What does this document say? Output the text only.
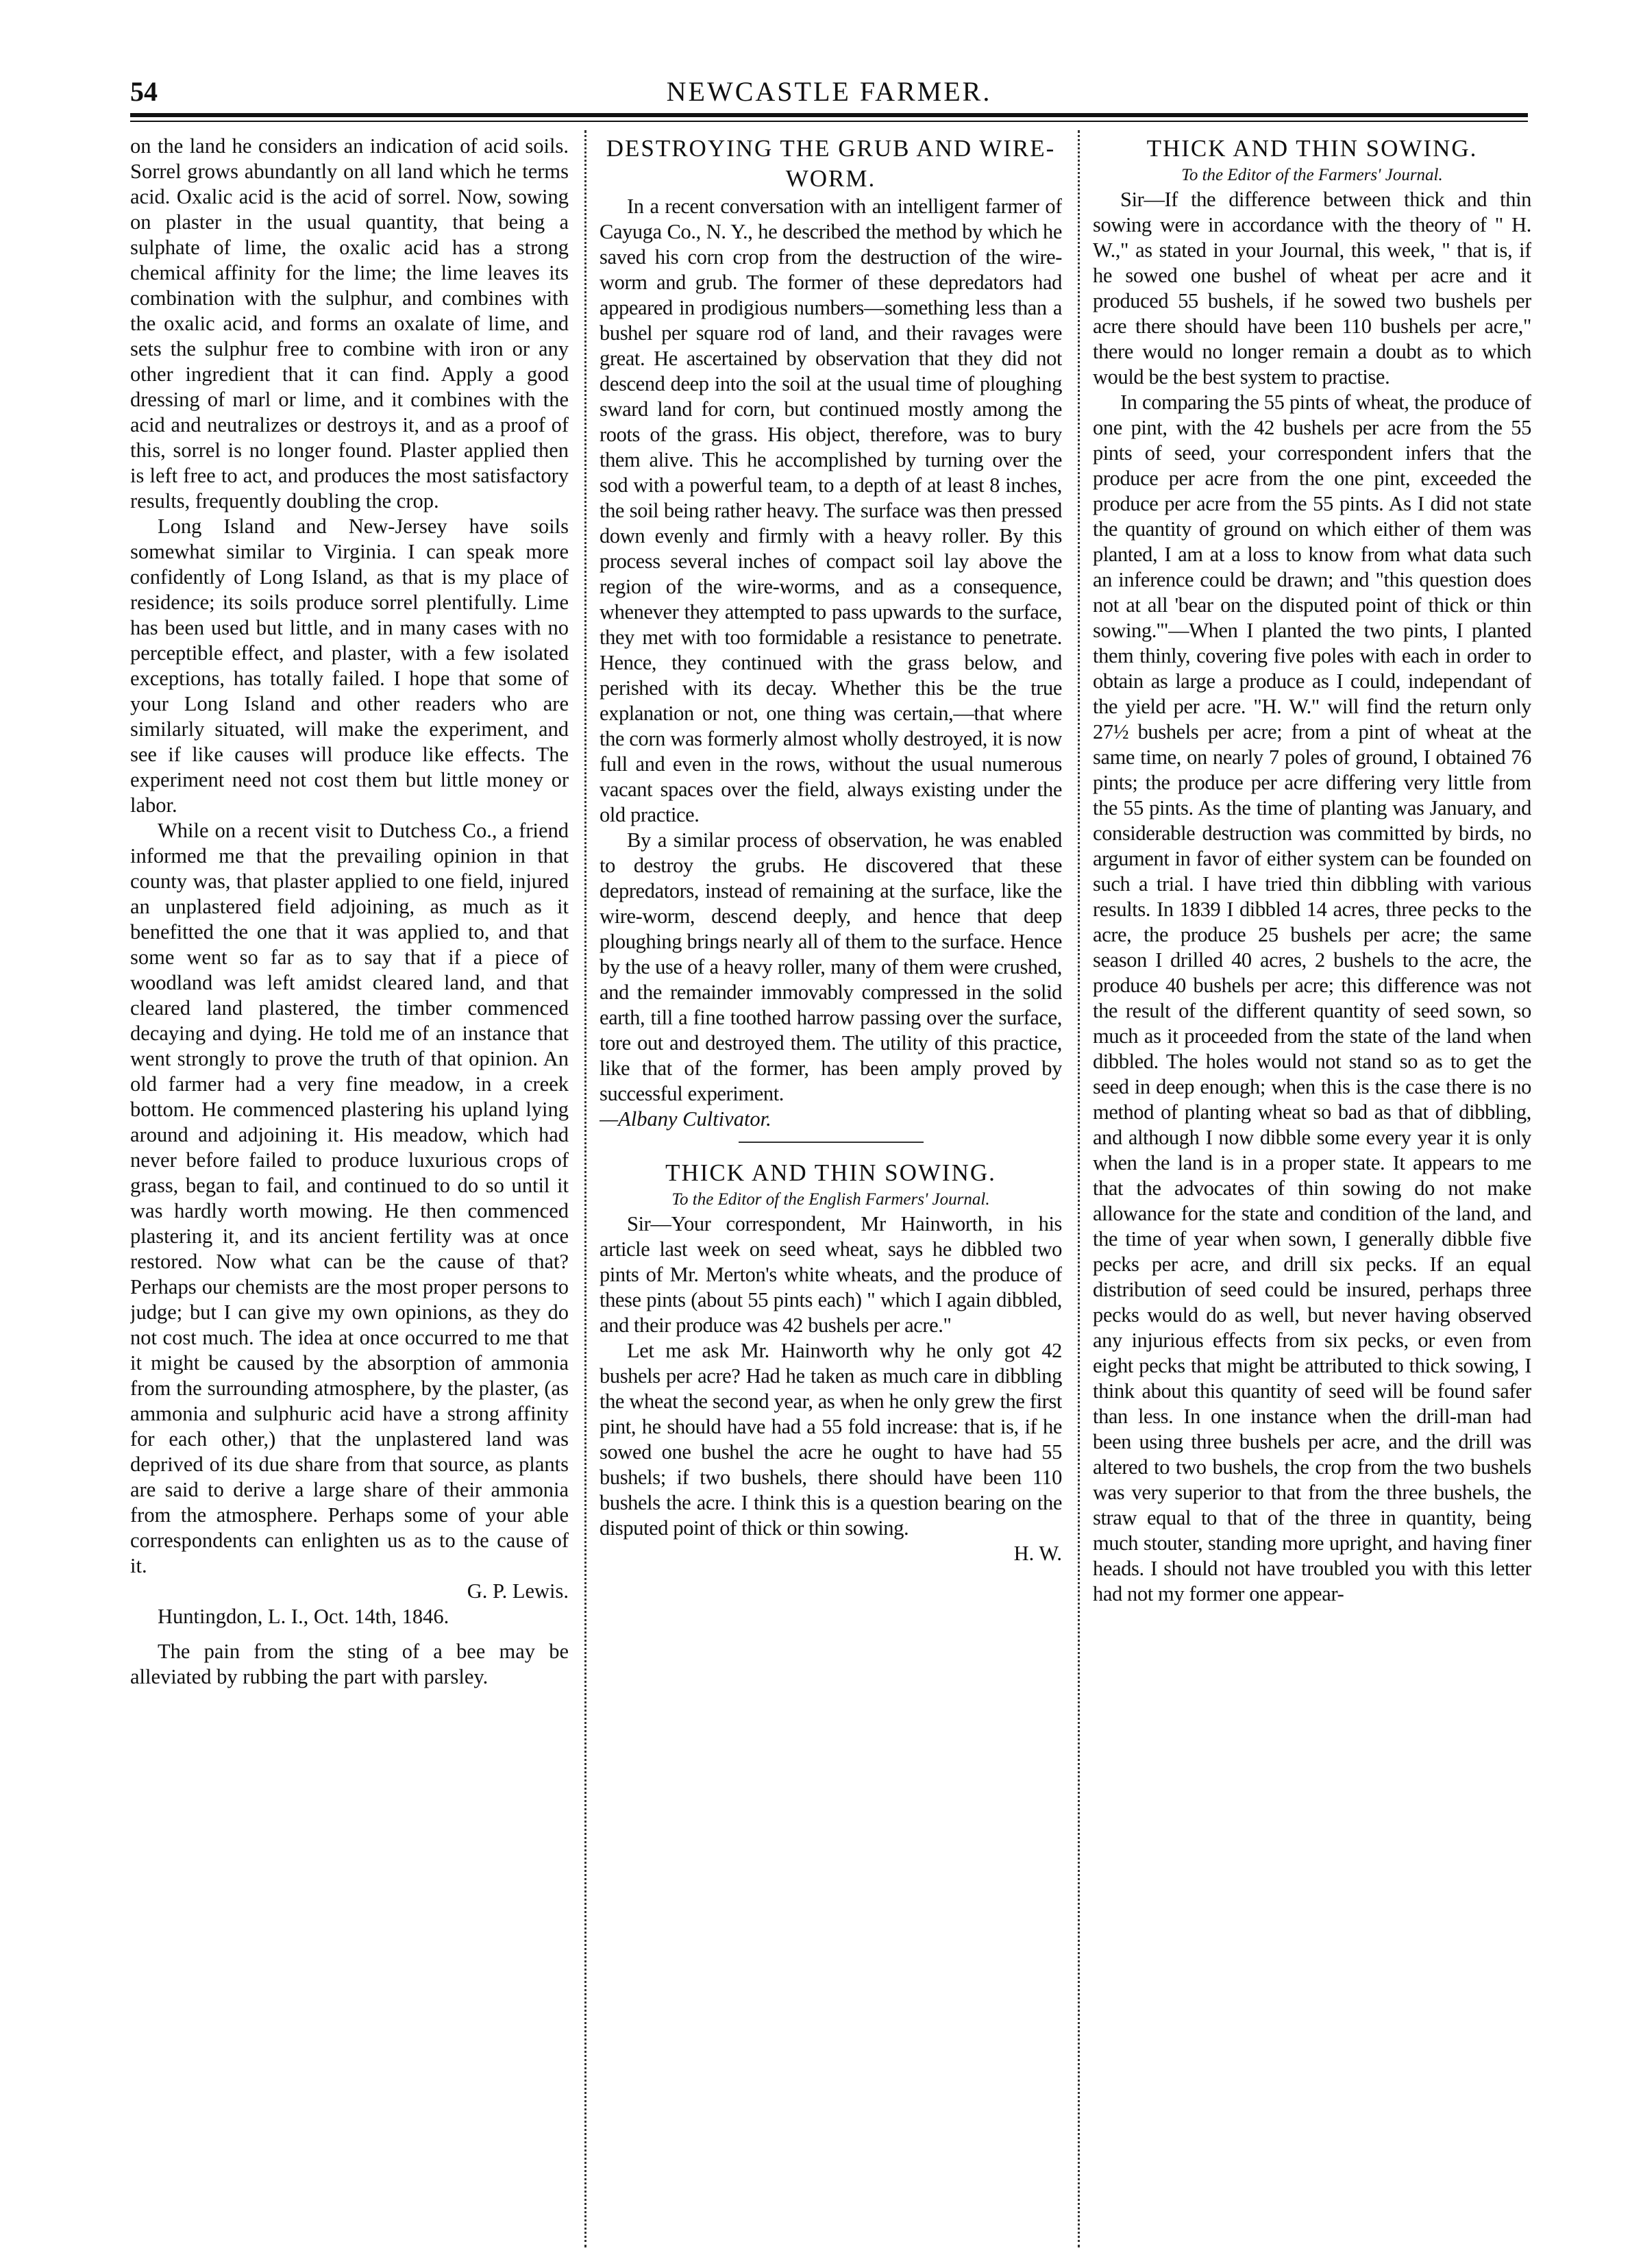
54	NEWCASTLE FARMER.

on the land he considers an indication of acid soils. Sorrel grows abundantly on all land which he terms acid. Oxalic acid is the acid of sorrel. Now, sowing on plaster in the usual quantity, that being a sulphate of lime, the oxalic acid has a strong chemical affinity for the lime; the lime leaves its combination with the sulphur, and combines with the oxalic acid, and forms an oxalate of lime, and sets the sulphur free to combine with iron or any other ingredient that it can find. Apply a good dressing of marl or lime, and it combines with the acid and neutralizes or destroys it, and as a proof of this, sorrel is no longer found. Plaster applied then is left free to act, and produces the most satisfactory results, frequently doubling the crop.

Long Island and New-Jersey have soils somewhat similar to Virginia. I can speak more confidently of Long Island, as that is my place of residence; its soils produce sorrel plentifully. Lime has been used but little, and in many cases with no perceptible effect, and plaster, with a few isolated exceptions, has totally failed. I hope that some of your Long Island and other readers who are similarly situated, will make the experiment, and see if like causes will produce like effects. The experiment need not cost them but little money or labor.

While on a recent visit to Dutchess Co., a friend informed me that the prevailing opinion in that county was, that plaster applied to one field, injured an unplastered field adjoining, as much as it benefitted the one that it was applied to, and that some went so far as to say that if a piece of woodland was left amidst cleared land, and that cleared land plastered, the timber commenced decaying and dying. He told me of an instance that went strongly to prove the truth of that opinion. An old farmer had a very fine meadow, in a creek bottom. He commenced plastering his upland lying around and adjoining it. His meadow, which had never before failed to produce luxurious crops of grass, began to fail, and continued to do so until it was hardly worth mowing. He then commenced plastering it, and its ancient fertility was at once restored. Now what can be the cause of that? Perhaps our chemists are the most proper persons to judge; but I can give my own opinions, as they do not cost much. The idea at once occurred to me that it might be caused by the absorption of ammonia from the surrounding atmosphere, by the plaster, (as ammonia and sulphuric acid have a strong affinity for each other,) that the unplastered land was deprived of its due share from that source, as plants are said to derive a large share of their ammonia from the atmosphere. Perhaps some of your able correspondents can enlighten us as to the cause of it.

G. P. Lewis.

Huntingdon, L. I., Oct. 14th, 1846.

The pain from the sting of a bee may be alleviated by rubbing the part with parsley.

DESTROYING THE GRUB AND WIRE-WORM.

In a recent conversation with an intelligent farmer of Cayuga Co., N. Y., he described the method by which he saved his corn crop from the destruction of the wire-worm and grub. The former of these depredators had appeared in prodigious numbers—something less than a bushel per square rod of land, and their ravages were great. He ascertained by observation that they did not descend deep into the soil at the usual time of ploughing sward land for corn, but continued mostly among the roots of the grass. His object, therefore, was to bury them alive. This he accomplished by turning over the sod with a powerful team, to a depth of at least 8 inches, the soil being rather heavy. The surface was then pressed down evenly and firmly with a heavy roller. By this process several inches of compact soil lay above the region of the wire-worms, and as a consequence, whenever they attempted to pass upwards to the surface, they met with too formidable a resistance to penetrate. Hence, they continued with the grass below, and perished with its decay. Whether this be the true explanation or not, one thing was certain,—that where the corn was formerly almost wholly destroyed, it is now full and even in the rows, without the usual numerous vacant spaces over the field, always existing under the old practice.

By a similar process of observation, he was enabled to destroy the grubs. He discovered that these depredators, instead of remaining at the surface, like the wire-worm, descend deeply, and hence that deep ploughing brings nearly all of them to the surface. Hence by the use of a heavy roller, many of them were crushed, and the remainder immovably compressed in the solid earth, till a fine toothed harrow passing over the surface, tore out and destroyed them. The utility of this practice, like that of the former, has been amply proved by successful experiment.

—Albany Cultivator.

THICK AND THIN SOWING.

To the Editor of the English Farmers' Journal.

Sir—Your correspondent, Mr Hainworth, in his article last week on seed wheat, says he dibbled two pints of Mr. Merton's white wheats, and the produce of these pints (about 55 pints each) " which I again dibbled, and their produce was 42 bushels per acre."

Let me ask Mr. Hainworth why he only got 42 bushels per acre? Had he taken as much care in dibbling the wheat the second year, as when he only grew the first pint, he should have had a 55 fold increase: that is, if he sowed one bushel the acre he ought to have had 55 bushels; if two bushels, there should have been 110 bushels the acre. I think this is a question bearing on the disputed point of thick or thin sowing.

H. W.

THICK AND THIN SOWING.

To the Editor of the Farmers' Journal.

Sir—If the difference between thick and thin sowing were in accordance with the theory of " H. W.," as stated in your Journal, this week, " that is, if he sowed one bushel of wheat per acre and it produced 55 bushels, if he sowed two bushels per acre there should have been 110 bushels per acre," there would no longer remain a doubt as to which would be the best system to practise.

In comparing the 55 pints of wheat, the produce of one pint, with the 42 bushels per acre from the 55 pints of seed, your correspondent infers that the produce per acre from the one pint, exceeded the produce per acre from the 55 pints. As I did not state the quantity of ground on which either of them was planted, I am at a loss to know from what data such an inference could be drawn; and "this question does not at all 'bear on the disputed point of thick or thin sowing.'"—When I planted the two pints, I planted them thinly, covering five poles with each in order to obtain as large a produce as I could, independant of the yield per acre. "H. W." will find the return only 27½ bushels per acre; from a pint of wheat at the same time, on nearly 7 poles of ground, I obtained 76 pints; the produce per acre differing very little from the 55 pints. As the time of planting was January, and considerable destruction was committed by birds, no argument in favor of either system can be founded on such a trial. I have tried thin dibbling with various results. In 1839 I dibbled 14 acres, three pecks to the acre, the produce 25 bushels per acre; the same season I drilled 40 acres, 2 bushels to the acre, the produce 40 bushels per acre; this difference was not the result of the different quantity of seed sown, so much as it proceeded from the state of the land when dibbled. The holes would not stand so as to get the seed in deep enough; when this is the case there is no method of planting wheat so bad as that of dibbling, and although I now dibble some every year it is only when the land is in a proper state. It appears to me that the advocates of thin sowing do not make allowance for the state and condition of the land, and the time of year when sown, I generally dibble five pecks per acre, and drill six pecks. If an equal distribution of seed could be insured, perhaps three pecks would do as well, but never having observed any injurious effects from six pecks, or even from eight pecks that might be attributed to thick sowing, I think about this quantity of seed will be found safer than less. In one instance when the drill-man had been using three bushels per acre, and the drill was altered to two bushels, the crop from the two bushels was very superior to that from the three bushels, the straw equal to that of the three in quantity, being much stouter, standing more upright, and having finer heads. I should not have troubled you with this letter had not my former one appear-
